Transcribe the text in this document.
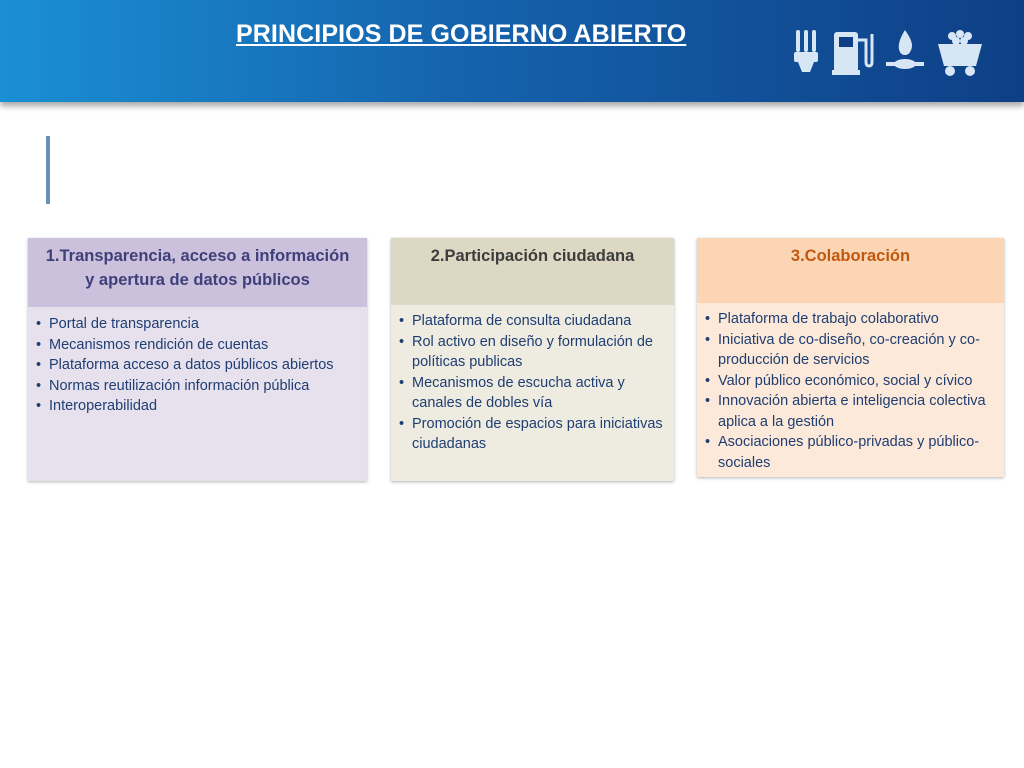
PRINCIPIOS DE GOBIERNO ABIERTO
1.Transparencia, acceso a información
y apertura de datos públicos
• Portal de transparencia
• Mecanismos rendición de cuentas
• Plataforma acceso a datos públicos abiertos
• Normas reutilización información pública
• Interoperabilidad
2.Participación ciudadana
• Plataforma de consulta ciudadana
• Rol activo en diseño y formulación de políticas publicas
• Mecanismos de escucha activa y canales de dobles vía
• Promoción de espacios para iniciativas ciudadanas
3.Colaboración
• Plataforma de trabajo colaborativo
• Iniciativa de co-diseño, co-creación y co-producción de servicios
• Valor público económico, social y cívico
• Innovación abierta e inteligencia colectiva aplica a la gestión
• Asociaciones público-privadas y público-sociales
